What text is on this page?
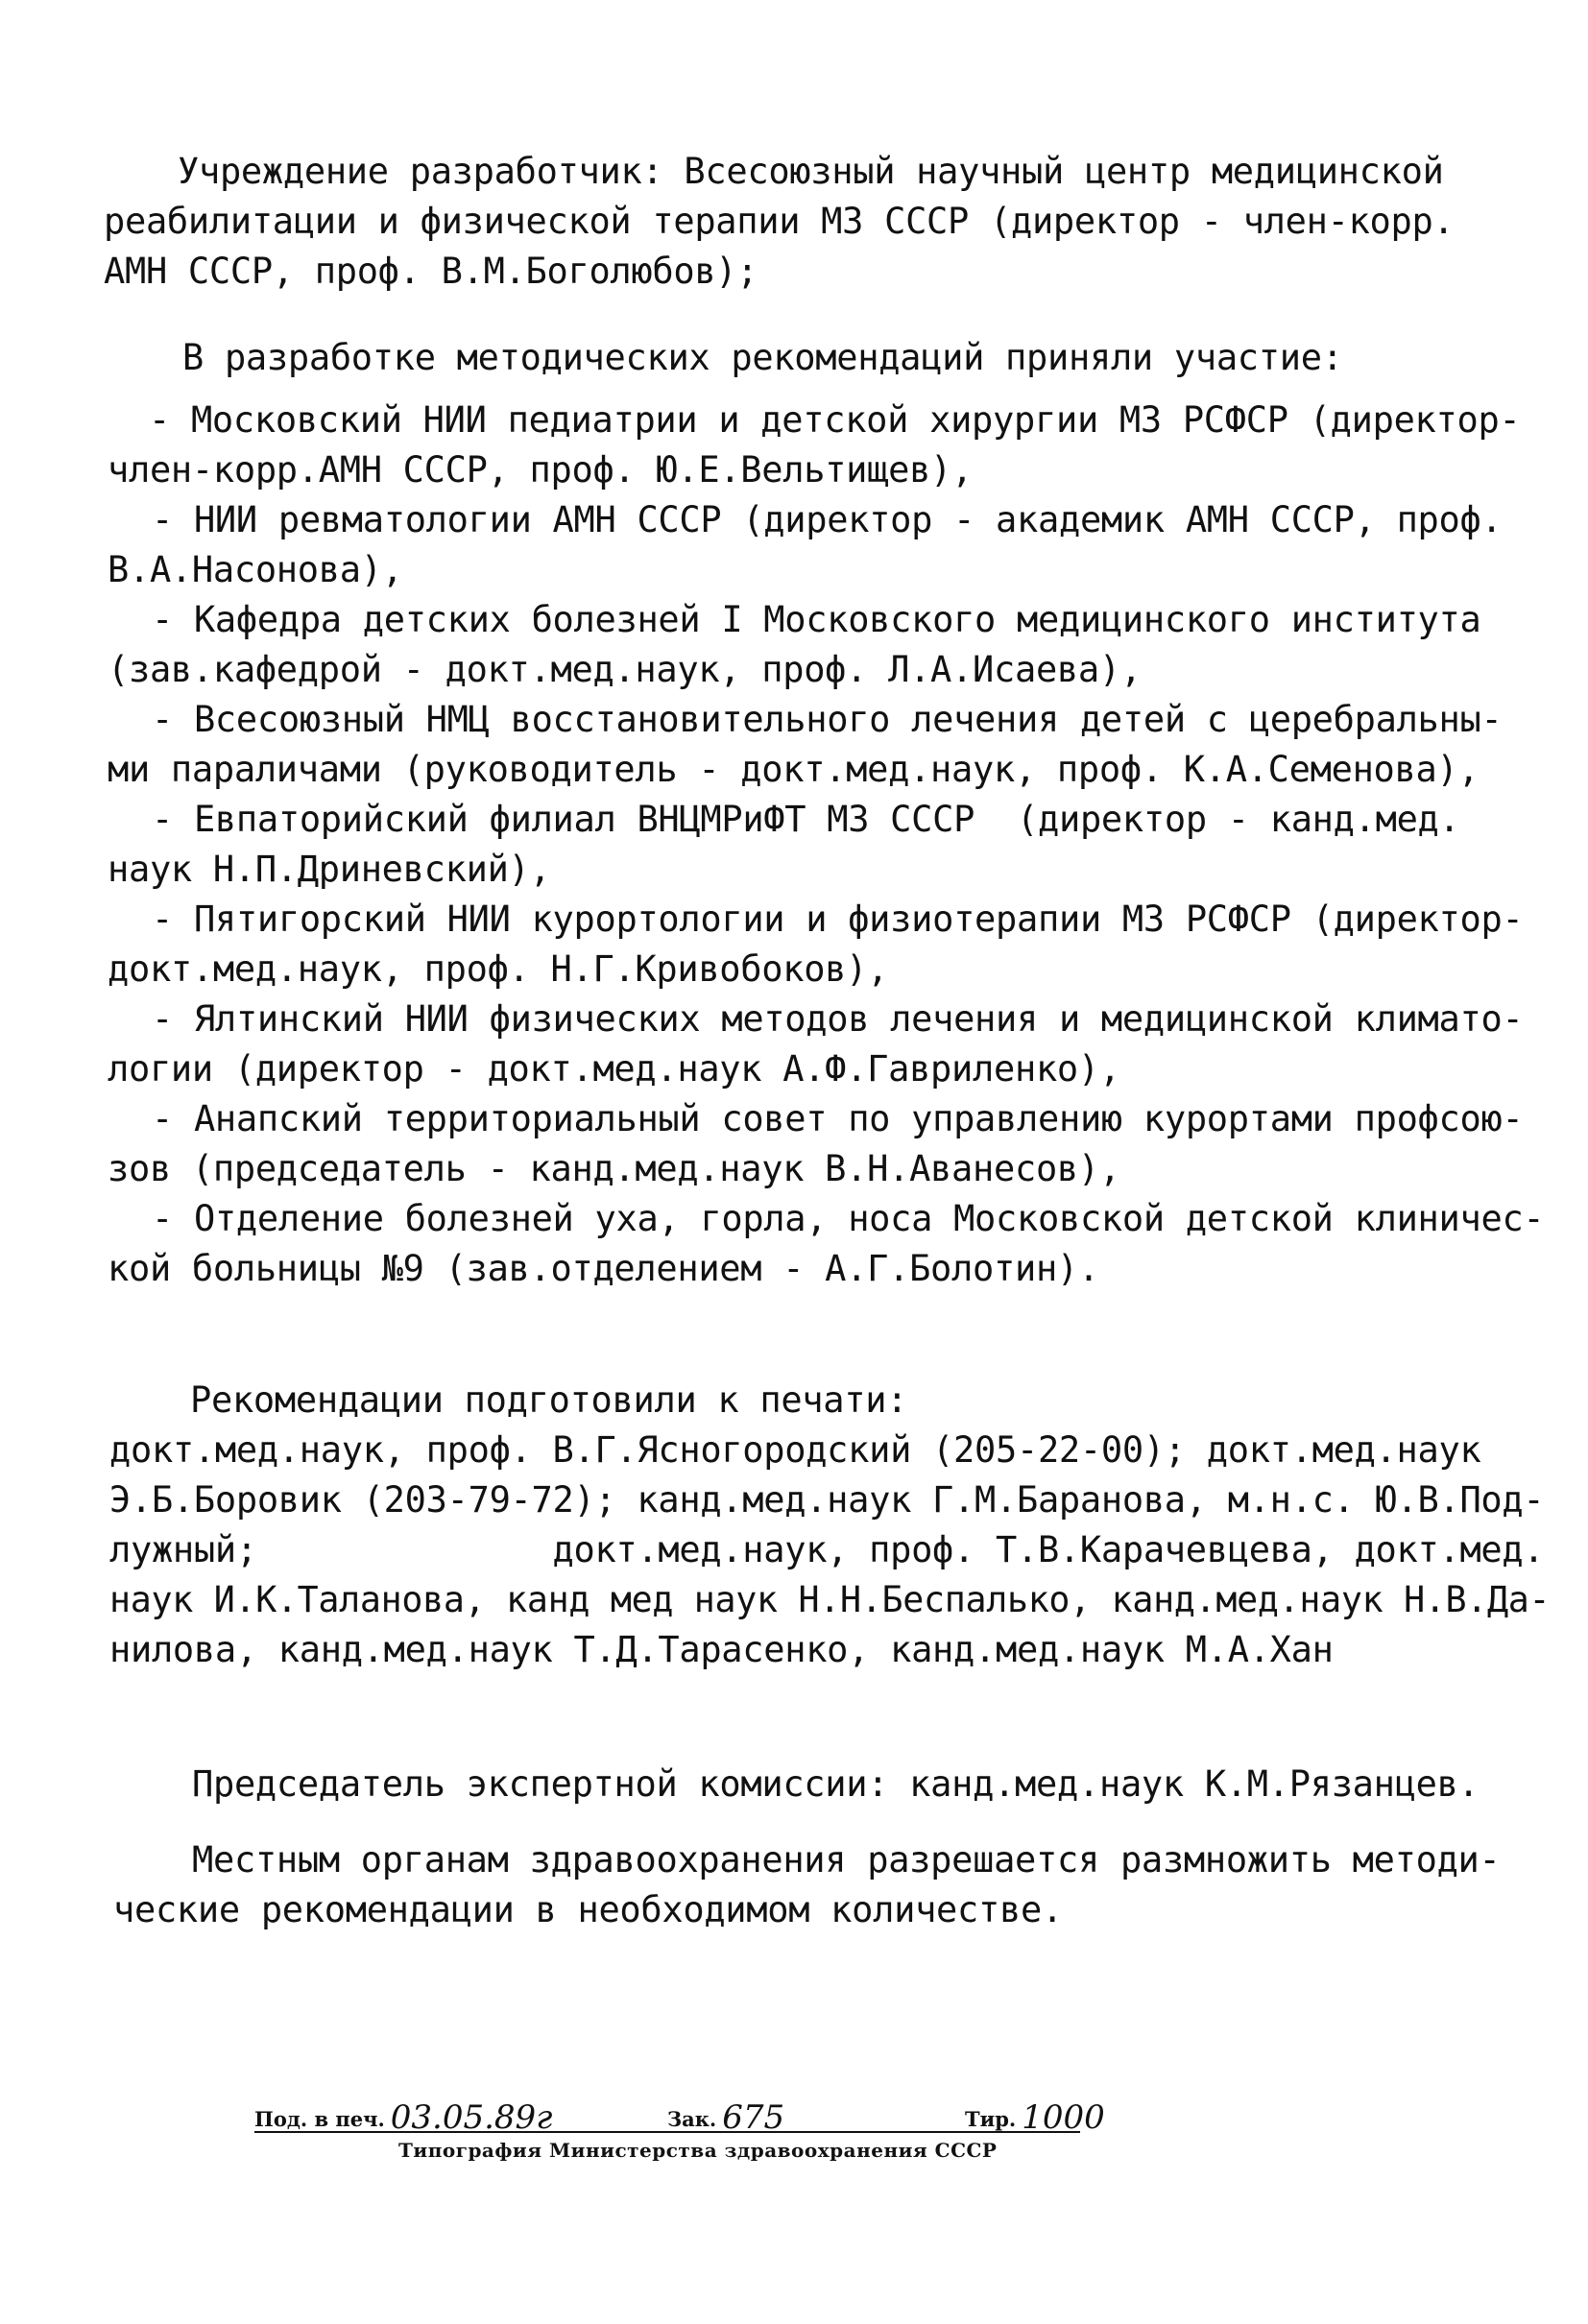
Учреждение разработчик: Всесоюзный научный центр медицинской
реабилитации и физической терапии МЗ СССР (директор - член-корр.
АМН СССР, проф. В.М.Боголюбов);
В разработке методических рекомендаций приняли участие:
- Московский НИИ педиатрии и детской хирургии МЗ РСФСР (директор-
член-корр.АМН СССР, проф. Ю.Е.Вельтищев),
- НИИ ревматологии АМН СССР (директор - академик АМН СССР, проф.
В.А.Насонова),
- Кафедра детских болезней I Московского медицинского института
(зав.кафедрой - докт.мед.наук, проф. Л.А.Исаева),
- Всесоюзный НМЦ восстановительного лечения детей с церебральны-
ми параличами (руководитель - докт.мед.наук, проф. К.А.Семенова),
- Евпаторийский филиал ВНЦМРиФТ МЗ СССР  (директор - канд.мед.
наук Н.П.Дриневский),
- Пятигорский НИИ курортологии и физиотерапии МЗ РСФСР (директор-
докт.мед.наук, проф. Н.Г.Кривобоков),
- Ялтинский НИИ физических методов лечения и медицинской климато-
логии (директор - докт.мед.наук А.Ф.Гавриленко),
- Анапский территориальный совет по управлению курортами профсою-
зов (председатель - канд.мед.наук В.Н.Аванесов),
- Отделение болезней уха, горла, носа Московской детской клиничес-
кой больницы №9 (зав.отделением - А.Г.Болотин).
Рекомендации подготовили к печати:
докт.мед.наук, проф. В.Г.Ясногородский (205-22-00); докт.мед.наук
Э.Б.Боровик (203-79-72); канд.мед.наук Г.М.Баранова, м.н.с. Ю.В.Под-
лужный;              докт.мед.наук, проф. Т.В.Карачевцева, докт.мед.
наук И.К.Таланова, канд мед наук Н.Н.Беспалько, канд.мед.наук Н.В.Да-
нилова, канд.мед.наук Т.Д.Тарасенко, канд.мед.наук М.А.Хан
Председатель экспертной комиссии: канд.мед.наук К.М.Рязанцев.
Местным органам здравоохранения разрешается размножить методи-
ческие рекомендации в необходимом количестве.
Под. в печ. 03.05.89г	Зак. 675	Тир. 1000
Типография Министерства здравоохранения СССР
